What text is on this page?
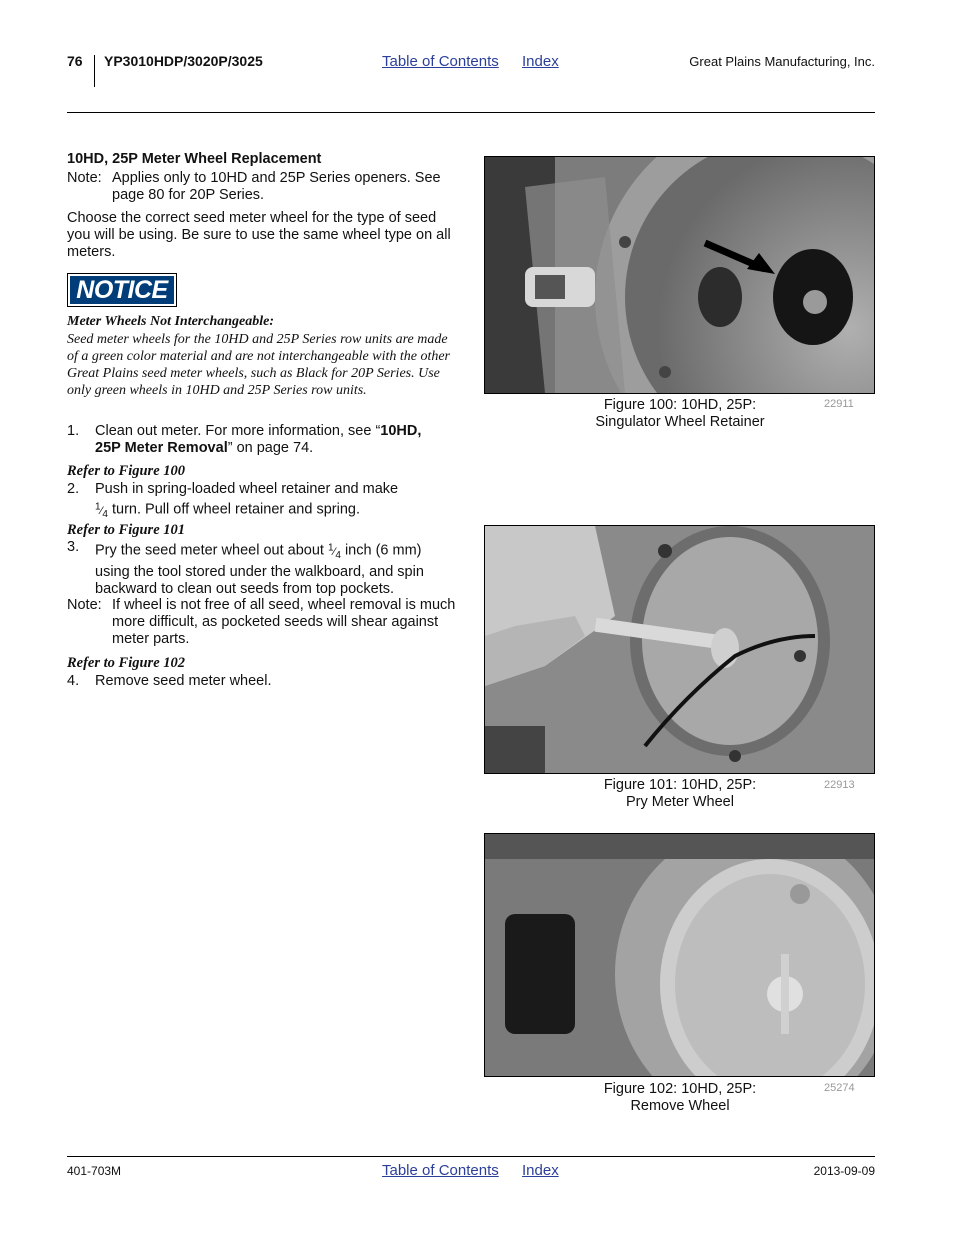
76 YP3010HDP/3020P/3025	Table of Contents Index	Great Plains Manufacturing, Inc.
10HD, 25P Meter Wheel Replacement
Note: Applies only to 10HD and 25P Series openers. See page 80 for 20P Series.
Choose the correct seed meter wheel for the type of seed you will be using. Be sure to use the same wheel type on all meters.
NOTICE
Meter Wheels Not Interchangeable:
Seed meter wheels for the 10HD and 25P Series row units are made of a green color material and are not interchangeable with the other Great Plains seed meter wheels, such as Black for 20P Series. Use only green wheels in 10HD and 25P Series row units.
1.	Clean out meter. For more information, see “10HD, 25P Meter Removal” on page 74.
Refer to Figure 100
2.	Push in spring-loaded wheel retainer and make
$^1⁄_4$ turn. Pull off wheel retainer and spring.
Refer to Figure 101
3.	Pry the seed meter wheel out about $^1⁄_4$ inch (6 mm) using the tool stored under the walkboard, and spin backward to clean out seeds from top pockets.
Note: If wheel is not free of all seed, wheel removal is much more difficult, as pocketed seeds will shear against meter parts.
Refer to Figure 102
4.	Remove seed meter wheel.
Figure 100: 10HD, 25P:
Singulator Wheel Retainer
22911
Figure 101: 10HD, 25P:
Pry Meter Wheel
22913
Figure 102: 10HD, 25P:
Remove Wheel
25274
401-703M	Table of Contents Index	2013-09-09
